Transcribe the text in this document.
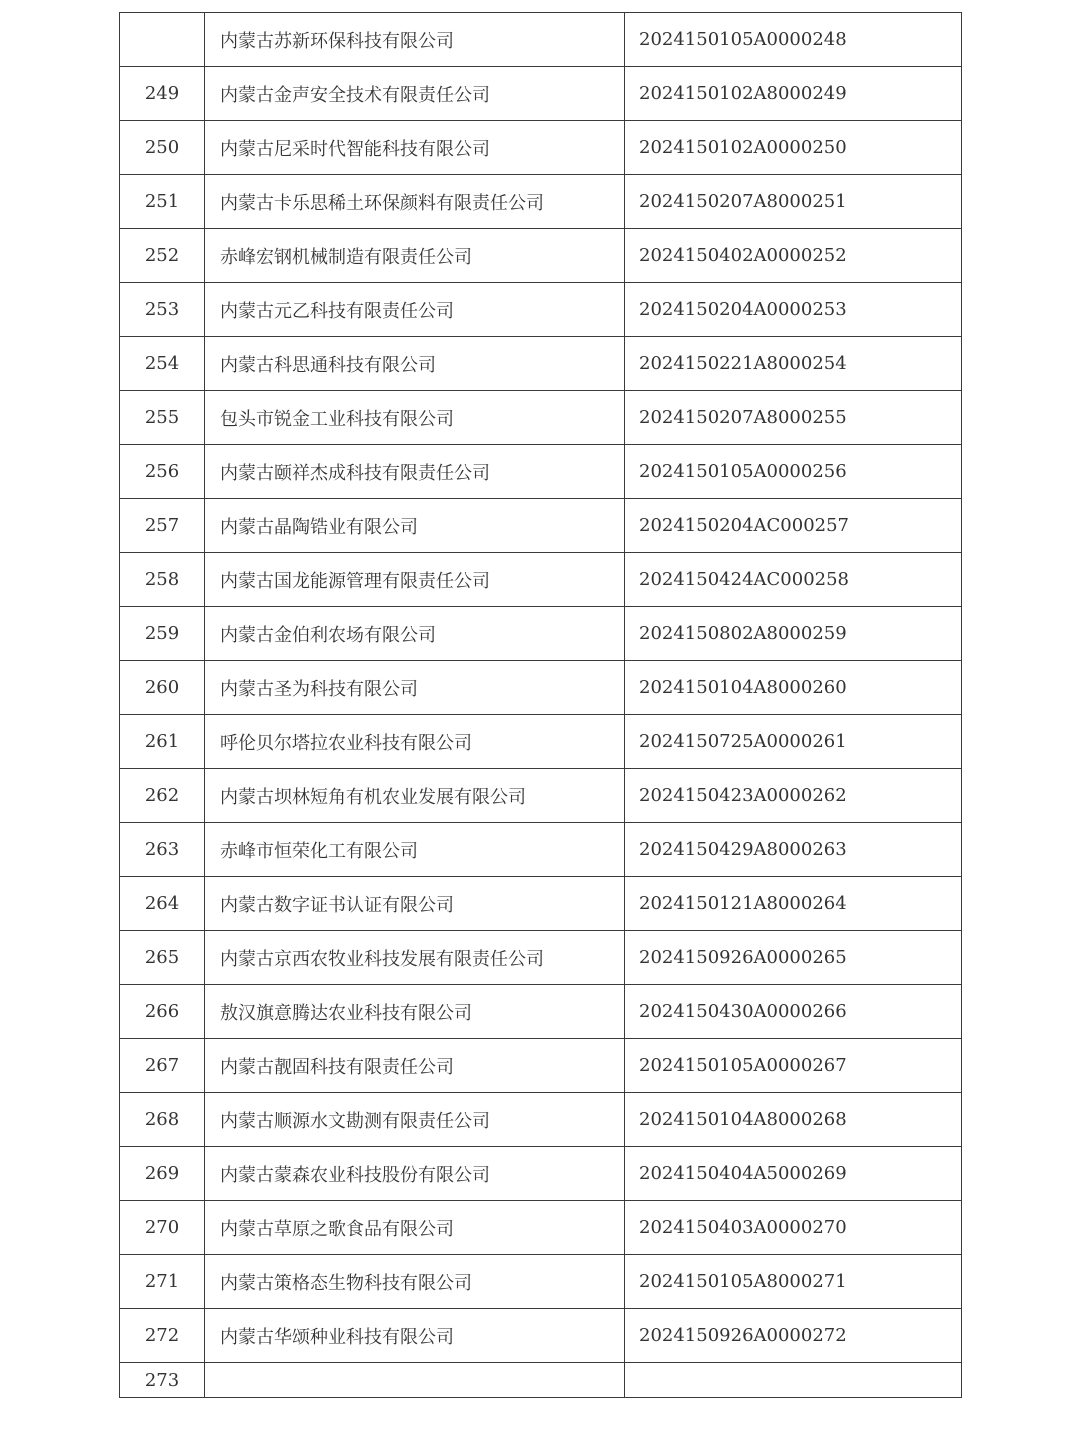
	内蒙古苏新环保科技有限公司	2024150105A0000248
249	内蒙古金声安全技术有限责任公司	2024150102A8000249
250	内蒙古尼采时代智能科技有限公司	2024150102A0000250
251	内蒙古卡乐思稀土环保颜料有限责任公司	2024150207A8000251
252	赤峰宏钢机械制造有限责任公司	2024150402A0000252
253	内蒙古元乙科技有限责任公司	2024150204A0000253
254	内蒙古科思通科技有限公司	2024150221A8000254
255	包头市锐金工业科技有限公司	2024150207A8000255
256	内蒙古颐祥杰成科技有限责任公司	2024150105A0000256
257	内蒙古晶陶锆业有限公司	2024150204AC000257
258	内蒙古国龙能源管理有限责任公司	2024150424AC000258
259	内蒙古金伯利农场有限公司	2024150802A8000259
260	内蒙古圣为科技有限公司	2024150104A8000260
261	呼伦贝尔塔拉农业科技有限公司	2024150725A0000261
262	内蒙古坝林短角有机农业发展有限公司	2024150423A0000262
263	赤峰市恒荣化工有限公司	2024150429A8000263
264	内蒙古数字证书认证有限公司	2024150121A8000264
265	内蒙古京西农牧业科技发展有限责任公司	2024150926A0000265
266	敖汉旗意腾达农业科技有限公司	2024150430A0000266
267	内蒙古靓固科技有限责任公司	2024150105A0000267
268	内蒙古顺源水文勘测有限责任公司	2024150104A8000268
269	内蒙古蒙森农业科技股份有限公司	2024150404A5000269
270	内蒙古草原之歌食品有限公司	2024150403A0000270
271	内蒙古策格态生物科技有限公司	2024150105A8000271
272	内蒙古华颂种业科技有限公司	2024150926A0000272
273		
